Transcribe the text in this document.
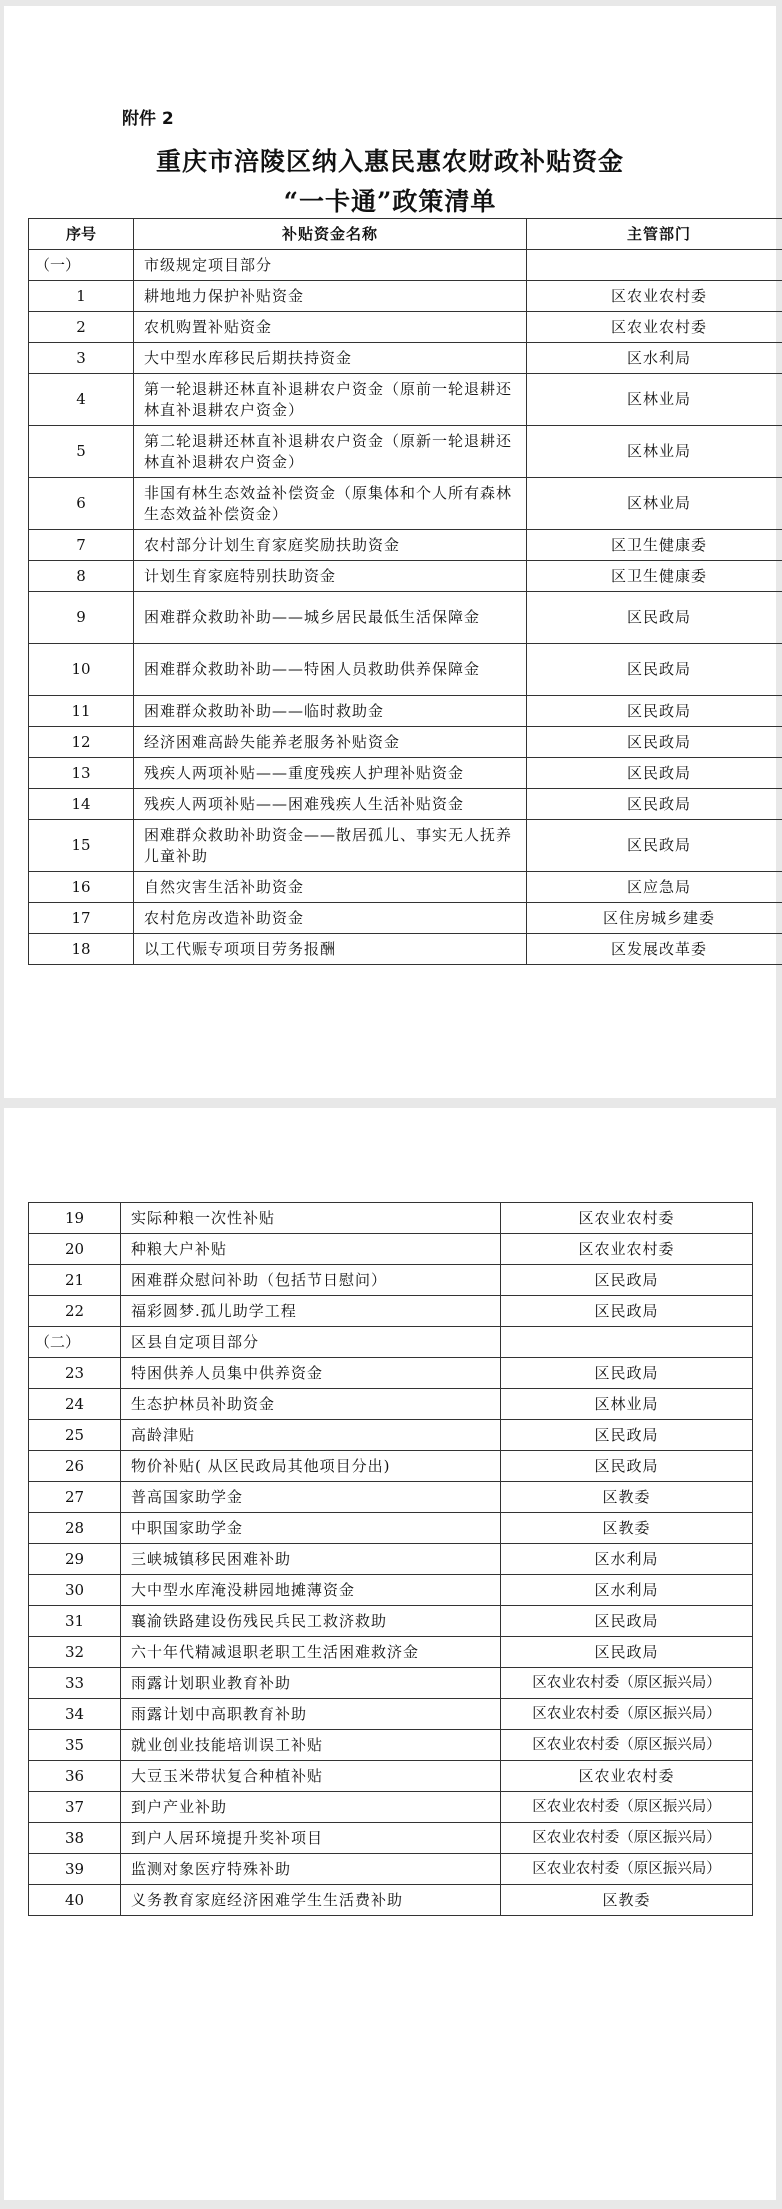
附件 2
重庆市涪陵区纳入惠民惠农财政补贴资金
“一卡通”政策清单
序号	补贴资金名称	主管部门
（一）	市级规定项目部分	
1	耕地地力保护补贴资金	区农业农村委
2	农机购置补贴资金	区农业农村委
3	大中型水库移民后期扶持资金	区水利局
4	第一轮退耕还林直补退耕农户资金（原前一轮退耕还林直补退耕农户资金）	区林业局
5	第二轮退耕还林直补退耕农户资金（原新一轮退耕还林直补退耕农户资金）	区林业局
6	非国有林生态效益补偿资金（原集体和个人所有森林生态效益补偿资金）	区林业局
7	农村部分计划生育家庭奖励扶助资金	区卫生健康委
8	计划生育家庭特别扶助资金	区卫生健康委
9	困难群众救助补助——城乡居民最低生活保障金	区民政局
10	困难群众救助补助——特困人员救助供养保障金	区民政局
11	困难群众救助补助——临时救助金	区民政局
12	经济困难高龄失能养老服务补贴资金	区民政局
13	残疾人两项补贴——重度残疾人护理补贴资金	区民政局
14	残疾人两项补贴——困难残疾人生活补贴资金	区民政局
15	困难群众救助补助资金——散居孤儿、事实无人抚养儿童补助	区民政局
16	自然灾害生活补助资金	区应急局
17	农村危房改造补助资金	区住房城乡建委
18	以工代赈专项项目劳务报酬	区发展改革委
19	实际种粮一次性补贴	区农业农村委
20	种粮大户补贴	区农业农村委
21	困难群众慰问补助（包括节日慰问）	区民政局
22	福彩圆梦.孤儿助学工程	区民政局
（二）	区县自定项目部分	
23	特困供养人员集中供养资金	区民政局
24	生态护林员补助资金	区林业局
25	高龄津贴	区民政局
26	物价补贴( 从区民政局其他项目分出)	区民政局
27	普高国家助学金	区教委
28	中职国家助学金	区教委
29	三峡城镇移民困难补助	区水利局
30	大中型水库淹没耕园地摊薄资金	区水利局
31	襄渝铁路建设伤残民兵民工救济救助	区民政局
32	六十年代精减退职老职工生活困难救济金	区民政局
33	雨露计划职业教育补助	区农业农村委（原区振兴局）
34	雨露计划中高职教育补助	区农业农村委（原区振兴局）
35	就业创业技能培训误工补贴	区农业农村委（原区振兴局）
36	大豆玉米带状复合种植补贴	区农业农村委
37	到户产业补助	区农业农村委（原区振兴局）
38	到户人居环境提升奖补项目	区农业农村委（原区振兴局）
39	监测对象医疗特殊补助	区农业农村委（原区振兴局）
40	义务教育家庭经济困难学生生活费补助	区教委
